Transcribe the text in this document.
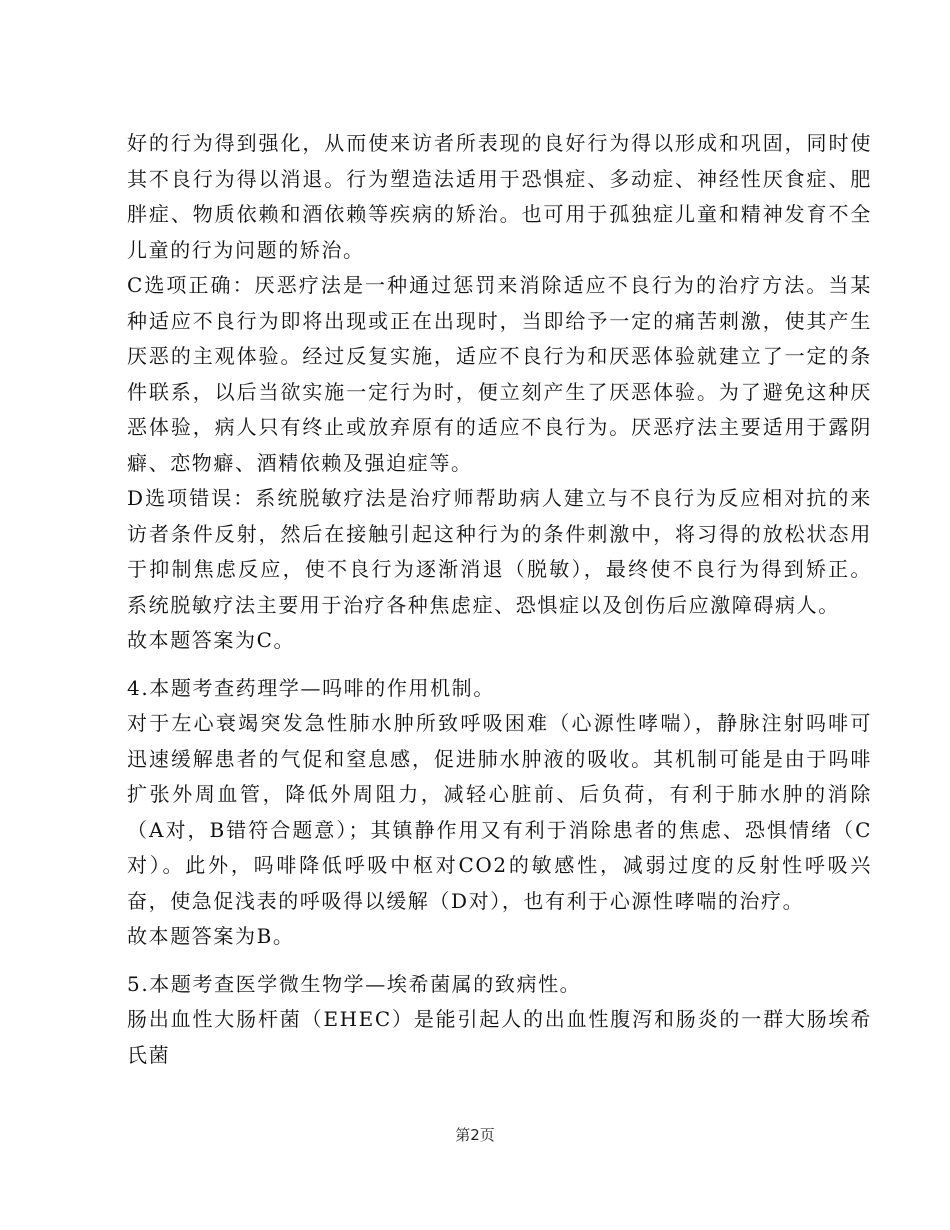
好的行为得到强化，从而使来访者所表现的良好行为得以形成和巩固，同时使其不良行为得以消退。行为塑造法适用于恐惧症、多动症、神经性厌食症、肥胖症、物质依赖和酒依赖等疾病的矫治。也可用于孤独症儿童和精神发育不全儿童的行为问题的矫治。

C选项正确：厌恶疗法是一种通过惩罚来消除适应不良行为的治疗方法。当某种适应不良行为即将出现或正在出现时，当即给予一定的痛苦刺激，使其产生厌恶的主观体验。经过反复实施，适应不良行为和厌恶体验就建立了一定的条件联系，以后当欲实施一定行为时，便立刻产生了厌恶体验。为了避免这种厌恶体验，病人只有终止或放弃原有的适应不良行为。厌恶疗法主要适用于露阴癖、恋物癖、酒精依赖及强迫症等。

D选项错误：系统脱敏疗法是治疗师帮助病人建立与不良行为反应相对抗的来访者条件反射，然后在接触引起这种行为的条件刺激中，将习得的放松状态用于抑制焦虑反应，使不良行为逐渐消退（脱敏），最终使不良行为得到矫正。系统脱敏疗法主要用于治疗各种焦虑症、恐惧症以及创伤后应激障碍病人。

故本题答案为C。

4.本题考查药理学—吗啡的作用机制。

对于左心衰竭突发急性肺水肿所致呼吸困难（心源性哮喘），静脉注射吗啡可迅速缓解患者的气促和窒息感，促进肺水肿液的吸收。其机制可能是由于吗啡扩张外周血管，降低外周阻力，减轻心脏前、后负荷，有利于肺水肿的消除（A对，B错符合题意）；其镇静作用又有利于消除患者的焦虑、恐惧情绪（C对）。此外，吗啡降低呼吸中枢对CO2的敏感性，减弱过度的反射性呼吸兴奋，使急促浅表的呼吸得以缓解（D对），也有利于心源性哮喘的治疗。

故本题答案为B。

5.本题考查医学微生物学—埃希菌属的致病性。

肠出血性大肠杆菌（EHEC）是能引起人的出血性腹泻和肠炎的一群大肠埃希氏菌

第2页
